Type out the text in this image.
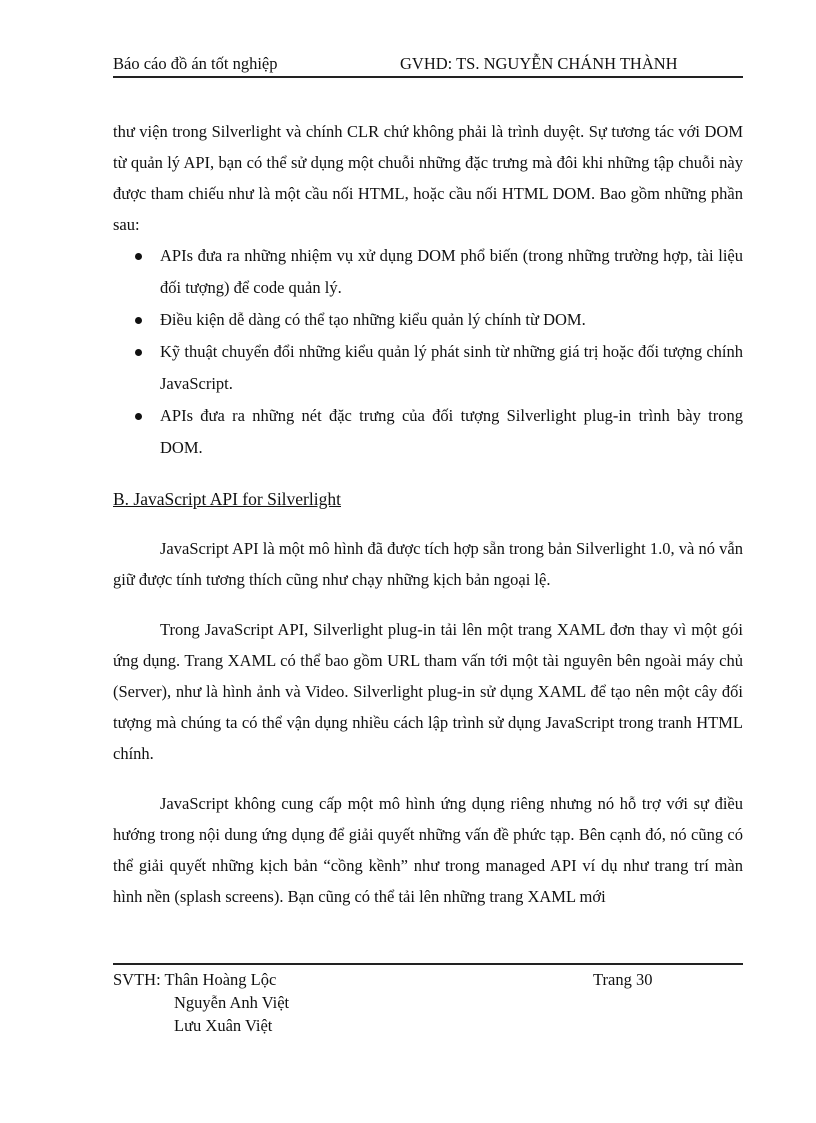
Báo cáo đồ án tốt nghiệp	GVHD: TS. NGUYỄN CHÁNH THÀNH

thư viện trong Silverlight và chính CLR chứ không phải là trình duyệt. Sự tương tác với DOM từ quản lý API, bạn có thể sử dụng một chuỗi những đặc trưng mà đôi khi những tập chuỗi này được tham chiếu như là một cầu nối HTML, hoặc cầu nối HTML DOM. Bao gồm những phần sau:

APIs đưa ra những nhiệm vụ xử dụng DOM phổ biến (trong những trường hợp, tài liệu đối tượng) để code quản lý.
Điều kiện dễ dàng có thể tạo những kiểu quản lý chính từ DOM.
Kỹ thuật chuyển đổi những kiểu quản lý phát sinh từ những giá trị hoặc đối tượng chính JavaScript.
APIs đưa ra những nét đặc trưng của đối tượng Silverlight plug-in trình bày trong DOM.
B. JavaScript API for Silverlight

JavaScript API là một mô hình đã được tích hợp sẵn trong bản Silverlight 1.0, và nó vẫn giữ được tính tương thích cũng như chạy những kịch bản ngoại lệ.

Trong JavaScript API, Silverlight plug-in tải lên một trang XAML đơn thay vì một gói ứng dụng. Trang XAML có thể bao gồm URL tham vấn tới một tài nguyên bên ngoài máy chủ (Server), như là hình ảnh và Video. Silverlight plug-in sử dụng XAML để tạo nên một cây đối tượng mà chúng ta có thể vận dụng nhiều cách lập trình sử dụng JavaScript trong tranh HTML chính.

JavaScript không cung cấp một mô hình ứng dụng riêng nhưng nó hỗ trợ với sự điều hướng trong nội dung ứng dụng để giải quyết những vấn đề phức tạp. Bên cạnh đó, nó cũng có thể giải quyết những kịch bản “cồng kềnh” như trong managed API ví dụ như trang trí màn hình nền (splash screens). Bạn cũng có thể tải lên những trang XAML mới

SVTH: Thân Hoàng Lộc
Nguyễn Anh Việt
Lưu Xuân Việt
Trang 30
